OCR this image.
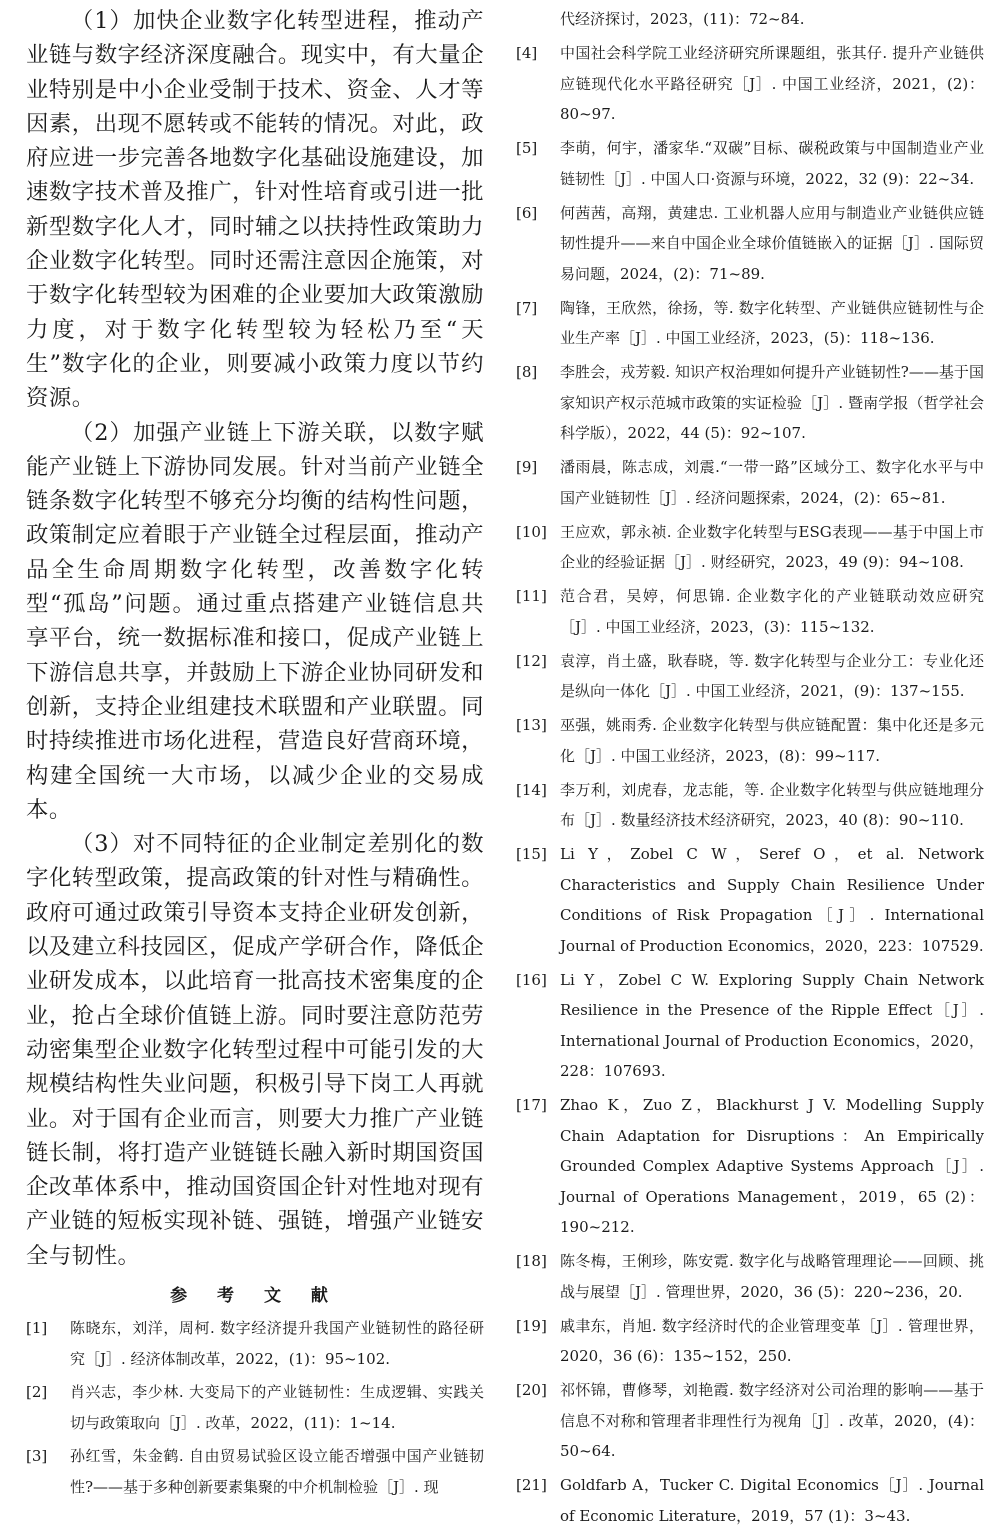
（1）加快企业数字化转型进程，推动产业链与数字经济深度融合。现实中，有大量企业特别是中小企业受制于技术、资金、人才等因素，出现不愿转或不能转的情况。对此，政府应进一步完善各地数字化基础设施建设，加速数字技术普及推广，针对性培育或引进一批新型数字化人才，同时辅之以扶持性政策助力企业数字化转型。同时还需注意因企施策，对于数字化转型较为困难的企业要加大政策激励力度，对于数字化转型较为轻松乃至“天生”数字化的企业，则要减小政策力度以节约资源。

（2）加强产业链上下游关联，以数字赋能产业链上下游协同发展。针对当前产业链全链条数字化转型不够充分均衡的结构性问题，政策制定应着眼于产业链全过程层面，推动产品全生命周期数字化转型，改善数字化转型“孤岛”问题。通过重点搭建产业链信息共享平台，统一数据标准和接口，促成产业链上下游信息共享，并鼓励上下游企业协同研发和创新，支持企业组建技术联盟和产业联盟。同时持续推进市场化进程，营造良好营商环境，构建全国统一大市场，以减少企业的交易成本。

（3）对不同特征的企业制定差别化的数字化转型政策，提高政策的针对性与精确性。政府可通过政策引导资本支持企业研发创新，以及建立科技园区，促成产学研合作，降低企业研发成本，以此培育一批高技术密集度的企业，抢占全球价值链上游。同时要注意防范劳动密集型企业数字化转型过程中可能引发的大规模结构性失业问题，积极引导下岗工人再就业。对于国有企业而言，则要大力推广产业链链长制，将打造产业链链长融入新时期国资国企改革体系中，推动国资国企针对性地对现有产业链的短板实现补链、强链，增强产业链安全与韧性。

参 考 文 献
[1]	陈晓东，刘洋，周柯. 数字经济提升我国产业链韧性的路径研究［J］. 经济体制改革，2022，(1)：95~102.
[2]	肖兴志，李少林. 大变局下的产业链韧性：生成逻辑、实践关切与政策取向［J］. 改革，2022，(11)：1~14.
[3]	孙红雪，朱金鹤. 自由贸易试验区设立能否增强中国产业链韧性?——基于多种创新要素集聚的中介机制检验［J］. 现
代经济探讨，2023，(11)：72~84.
[4]	中国社会科学院工业经济研究所课题组，张其仔. 提升产业链供应链现代化水平路径研究［J］. 中国工业经济，2021，(2)：80~97.
[5]	李萌，何宇，潘家华.“双碳”目标、碳税政策与中国制造业产业链韧性［J］. 中国人口·资源与环境，2022，32 (9)：22~34.
[6]	何茜茜，高翔，黄建忠. 工业机器人应用与制造业产业链供应链韧性提升——来自中国企业全球价值链嵌入的证据［J］. 国际贸易问题，2024，(2)：71~89.
[7]	陶锋，王欣然，徐扬，等. 数字化转型、产业链供应链韧性与企业生产率［J］. 中国工业经济，2023，(5)：118~136.
[8]	李胜会，戎芳毅. 知识产权治理如何提升产业链韧性?——基于国家知识产权示范城市政策的实证检验［J］. 暨南学报（哲学社会科学版），2022，44 (5)：92~107.
[9]	潘雨晨，陈志成，刘震.“一带一路”区域分工、数字化水平与中国产业链韧性［J］. 经济问题探索，2024，(2)：65~81.
[10] 王应欢，郭永祯. 企业数字化转型与ESG表现——基于中国上市企业的经验证据［J］. 财经研究，2023，49 (9)：94~108.
[11] 范合君，吴婷，何思锦. 企业数字化的产业链联动效应研究［J］. 中国工业经济，2023，(3)：115~132.
[12] 袁淳，肖土盛，耿春晓，等. 数字化转型与企业分工：专业化还是纵向一体化［J］. 中国工业经济，2021，(9)：137~155.
[13] 巫强，姚雨秀. 企业数字化转型与供应链配置：集中化还是多元化［J］. 中国工业经济，2023，(8)：99~117.
[14] 李万利，刘虎春，龙志能，等. 企业数字化转型与供应链地理分布［J］. 数量经济技术经济研究，2023，40 (8)：90~110.
[15] Li Y，Zobel C W，Seref O，et al. Network Characteristics and Supply Chain Resilience Under Conditions of Risk Propagation［J］. International Journal of Production Economics，2020，223：107529.
[16] Li Y，Zobel C W. Exploring Supply Chain Network Resilience in the Presence of the Ripple Effect［J］. International Journal of Production Economics，2020，228：107693.
[17] Zhao K，Zuo Z，Blackhurst J V. Modelling Supply Chain Adaptation for Disruptions：An Empirically Grounded Complex Adaptive Systems Approach［J］. Journal of Operations Management，2019，65 (2)：190~212.
[18] 陈冬梅，王俐珍，陈安霓. 数字化与战略管理理论——回顾、挑战与展望［J］. 管理世界，2020，36 (5)：220~236，20.
[19] 戚聿东，肖旭. 数字经济时代的企业管理变革［J］. 管理世界，2020，36 (6)：135~152，250.
[20] 祁怀锦，曹修琴，刘艳霞. 数字经济对公司治理的影响——基于信息不对称和管理者非理性行为视角［J］. 改革，2020，(4)：50~64.
[21] Goldfarb A，Tucker C. Digital Economics［J］. Journal of Economic Literature，2019，57 (1)：3~43.
